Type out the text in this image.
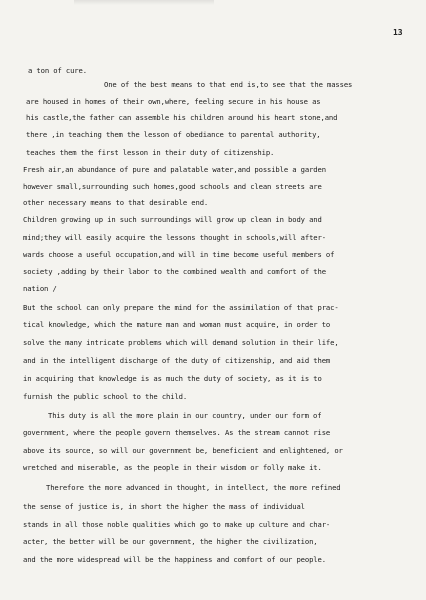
13
a ton of cure.
One of the best means to that end is,to see that the masses
are housed in homes of their own,where, feeling secure in his house as
his castle,the father can assemble his children around his heart stone,and
there ,in teaching them the lesson of obediance to parental authority,
teaches them the first lesson in their duty of citizenship.
Fresh air,an abundance of pure and palatable water,and possible a garden
however small,surrounding such homes,good schools and clean streets are
other necessary means to that desirable end.
Children growing up in such surroundings will grow up clean in body and
mind;they will easily acquire the lessons thought in schools,will after-
wards choose a useful occupation,and will in time become useful members of
society ,adding by their labor to the combined wealth and comfort of the
nation /
But the school can only prepare the mind for the assimilation of that prac-
tical knowledge, which the mature man and woman must acquire, in order to
solve the many intricate problems which will demand solution in their life,
and in the intelligent discharge of the duty of citizenship, and aid them
in acquiring that knowledge is as much the duty of society, as it is to
furnish the public school to the child.
This duty is all the more plain in our country, under our form of
government, where the people govern themselves. As the stream cannot rise
above its source, so will our government be, beneficient and enlightened, or
wretched and miserable, as the people in their wisdom or folly make it.
Therefore the more advanced in thought, in intellect, the more refined
the sense of justice is, in short the higher the mass of individual
stands in all those noble qualities which go to make up culture and char-
acter, the better will be our government, the higher the civilization,
and the more widespread will be the happiness and comfort of our people.
